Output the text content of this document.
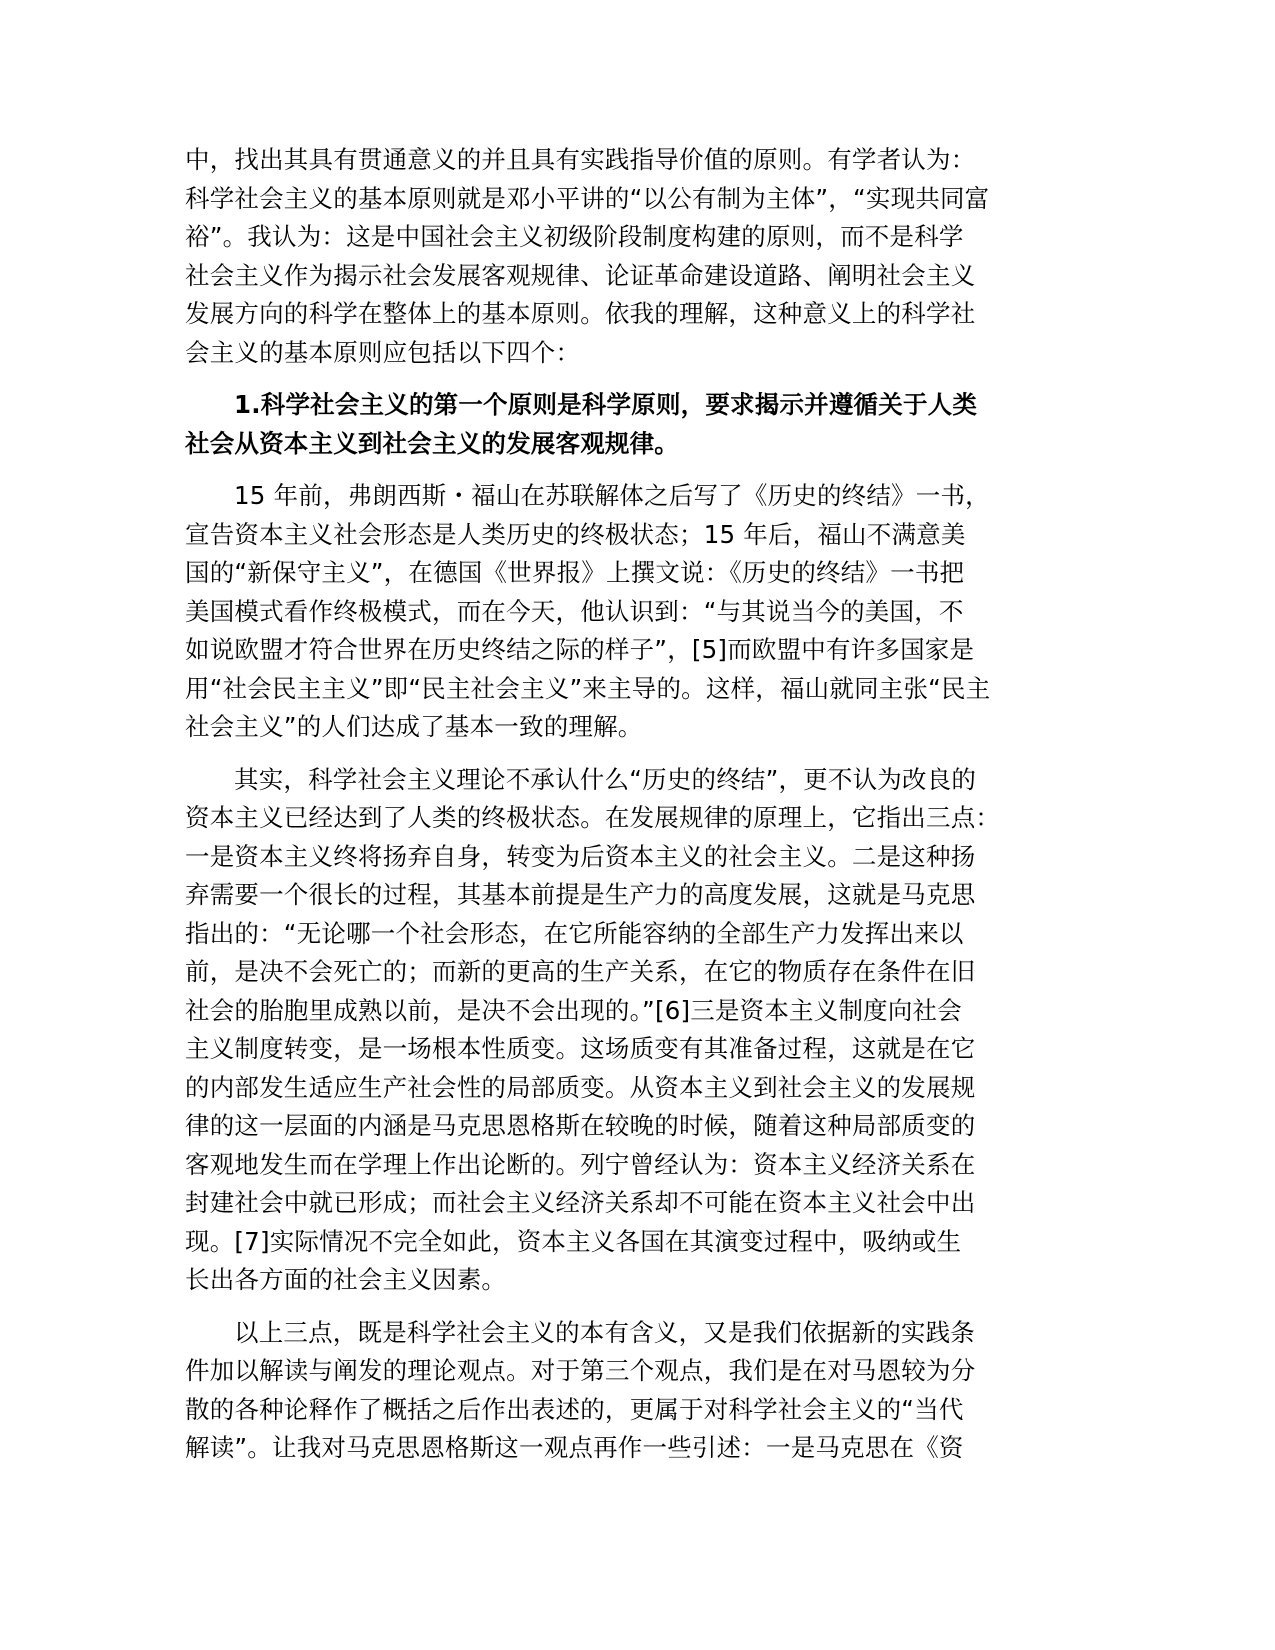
中，找出其具有贯通意义的并且具有实践指导价值的原则。有学者认为：
科学社会主义的基本原则就是邓小平讲的“以公有制为主体”，“实现共同富
裕”。我认为：这是中国社会主义初级阶段制度构建的原则，而不是科学
社会主义作为揭示社会发展客观规律、论证革命建设道路、阐明社会主义
发展方向的科学在整体上的基本原则。依我的理解，这种意义上的科学社
会主义的基本原则应包括以下四个：

1.科学社会主义的第一个原则是科学原则，要求揭示并遵循关于人类
社会从资本主义到社会主义的发展客观规律。

15 年前，弗朗西斯・福山在苏联解体之后写了《历史的终结》一书，
宣告资本主义社会形态是人类历史的终极状态；15 年后，福山不满意美
国的“新保守主义”，在德国《世界报》上撰文说：《历史的终结》一书把
美国模式看作终极模式，而在今天，他认识到：“与其说当今的美国，不
如说欧盟才符合世界在历史终结之际的样子”，[5]而欧盟中有许多国家是
用“社会民主主义”即“民主社会主义”来主导的。这样，福山就同主张“民主
社会主义”的人们达成了基本一致的理解。

其实，科学社会主义理论不承认什么“历史的终结”，更不认为改良的
资本主义已经达到了人类的终极状态。在发展规律的原理上，它指出三点：
一是资本主义终将扬弃自身，转变为后资本主义的社会主义。二是这种扬
弃需要一个很长的过程，其基本前提是生产力的高度发展，这就是马克思
指出的：“无论哪一个社会形态，在它所能容纳的全部生产力发挥出来以
前，是决不会死亡的；而新的更高的生产关系，在它的物质存在条件在旧
社会的胎胞里成熟以前，是决不会出现的。”[6]三是资本主义制度向社会
主义制度转变，是一场根本性质变。这场质变有其准备过程，这就是在它
的内部发生适应生产社会性的局部质变。从资本主义到社会主义的发展规
律的这一层面的内涵是马克思恩格斯在较晚的时候，随着这种局部质变的
客观地发生而在学理上作出论断的。列宁曾经认为：资本主义经济关系在
封建社会中就已形成；而社会主义经济关系却不可能在资本主义社会中出
现。[7]实际情况不完全如此，资本主义各国在其演变过程中，吸纳或生
长出各方面的社会主义因素。

以上三点，既是科学社会主义的本有含义，又是我们依据新的实践条
件加以解读与阐发的理论观点。对于第三个观点，我们是在对马恩较为分
散的各种论释作了概括之后作出表述的，更属于对科学社会主义的“当代
解读”。让我对马克思恩格斯这一观点再作一些引述：一是马克思在《资
